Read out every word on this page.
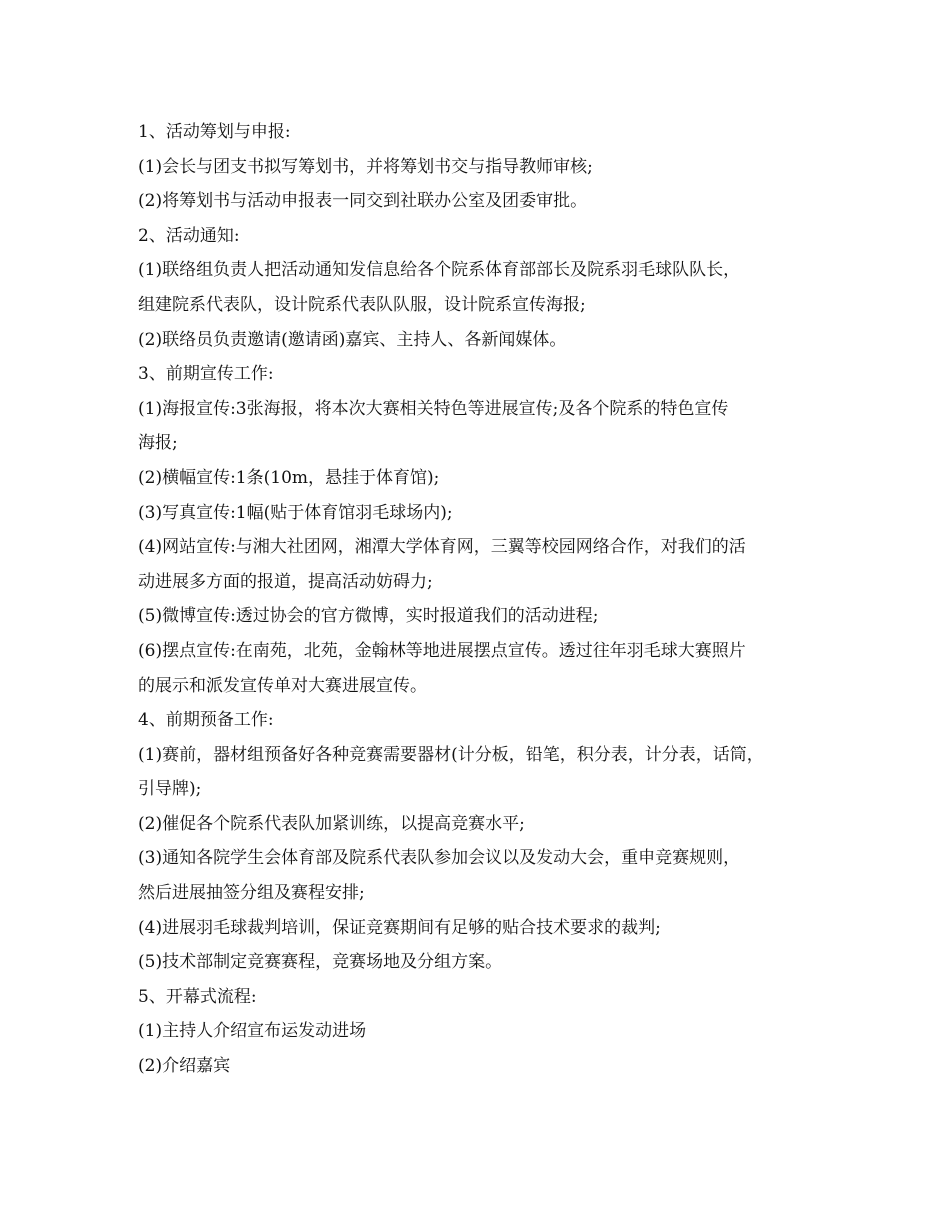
1、活动筹划与申报:
(1)会长与团支书拟写筹划书，并将筹划书交与指导教师审核;
(2)将筹划书与活动申报表一同交到社联办公室及团委审批。
2、活动通知:
(1)联络组负责人把活动通知发信息给各个院系体育部部长及院系羽毛球队队长，
组建院系代表队，设计院系代表队队服，设计院系宣传海报;
(2)联络员负责邀请(邀请函)嘉宾、主持人、各新闻媒体。
3、前期宣传工作:
(1)海报宣传:3张海报，将本次大赛相关特色等进展宣传;及各个院系的特色宣传
海报;
(2)横幅宣传:1条(10m，悬挂于体育馆);
(3)写真宣传:1幅(贴于体育馆羽毛球场内);
(4)网站宣传:与湘大社团网，湘潭大学体育网，三翼等校园网络合作，对我们的活
动进展多方面的报道，提高活动妨碍力;
(5)微博宣传:透过协会的官方微博，实时报道我们的活动进程;
(6)摆点宣传:在南苑，北苑，金翰林等地进展摆点宣传。透过往年羽毛球大赛照片
的展示和派发宣传单对大赛进展宣传。
4、前期预备工作:
(1)赛前，器材组预备好各种竞赛需要器材(计分板，铅笔，积分表，计分表，话筒，
引导牌);
(2)催促各个院系代表队加紧训练，以提高竞赛水平;
(3)通知各院学生会体育部及院系代表队参加会议以及发动大会，重申竞赛规则，
然后进展抽签分组及赛程安排;
(4)进展羽毛球裁判培训，保证竞赛期间有足够的贴合技术要求的裁判;
(5)技术部制定竞赛赛程，竞赛场地及分组方案。
5、开幕式流程:
(1)主持人介绍宣布运发动进场
(2)介绍嘉宾
